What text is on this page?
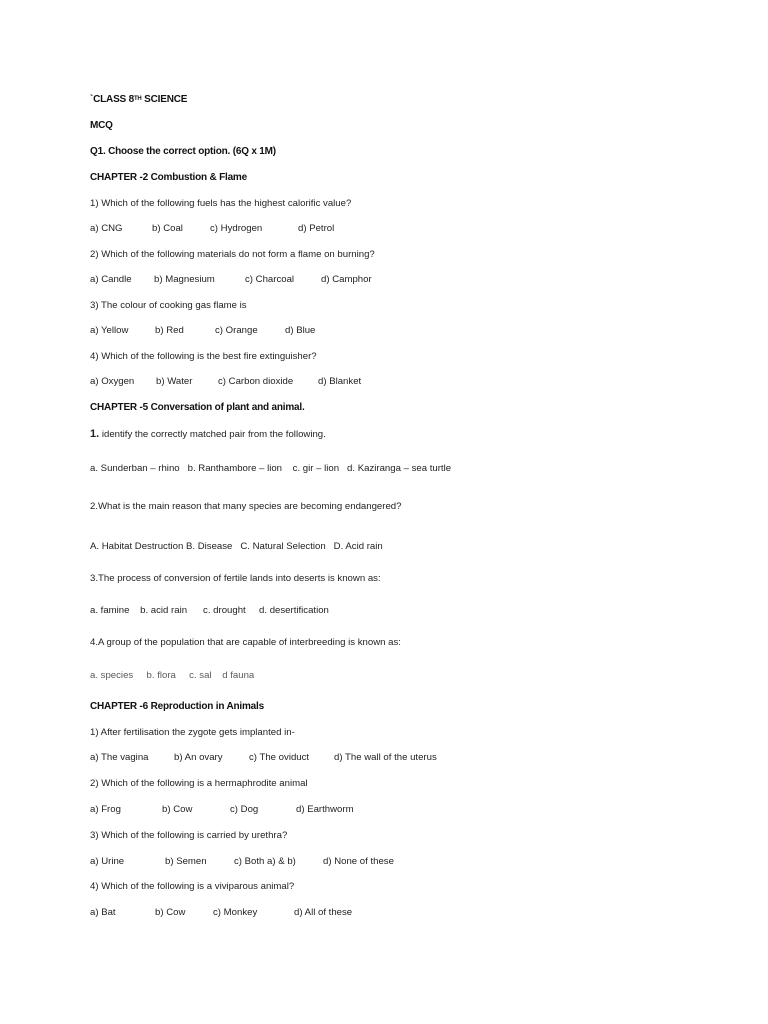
`CLASS 8TH SCIENCE
MCQ
Q1. Choose the correct option. (6Q x 1M)
CHAPTER -2 Combustion & Flame
1) Which of the following fuels has the highest calorific value?
a) CNG	b) Coal	c) Hydrogen	d) Petrol
2) Which of the following materials do not form a flame on burning?
a) Candle b) Magnesium	c) Charcoal	d) Camphor
3) The colour of cooking gas flame is
a) Yellow	b) Red	c) Orange	d) Blue
4) Which of the following is the best fire extinguisher?
a) Oxygen b) Water	c) Carbon dioxide	d) Blanket
CHAPTER -5 Conversation of plant and animal.
1. identify the correctly matched pair from the following.
a. Sunderban – rhino   b. Ranthambore – lion    c. gir – lion   d. Kaziranga – sea turtle
2.What is the main reason that many species are becoming endangered?
A. Habitat Destruction B. Disease   C. Natural Selection   D. Acid rain
3.The process of conversion of fertile lands into deserts is known as:
a. famine    b. acid rain      c. drought     d. desertification
4.A group of the population that are capable of interbreeding is known as:
a. species     b. flora     c. sal    d fauna
CHAPTER -6 Reproduction in Animals
1) After fertilisation the zygote gets implanted in-
a) The vagina	b) An ovary	c) The oviduct	d) The wall of the uterus
2) Which of the following is a hermaphrodite animal
a) Frog	b) Cow	c) Dog	d) Earthworm
3) Which of the following is carried by urethra?
a) Urine	b) Semen	c) Both a) & b)	d) None of these
4) Which of the following is a viviparous animal?
a) Bat	b) Cow	c) Monkey	d) All of these
